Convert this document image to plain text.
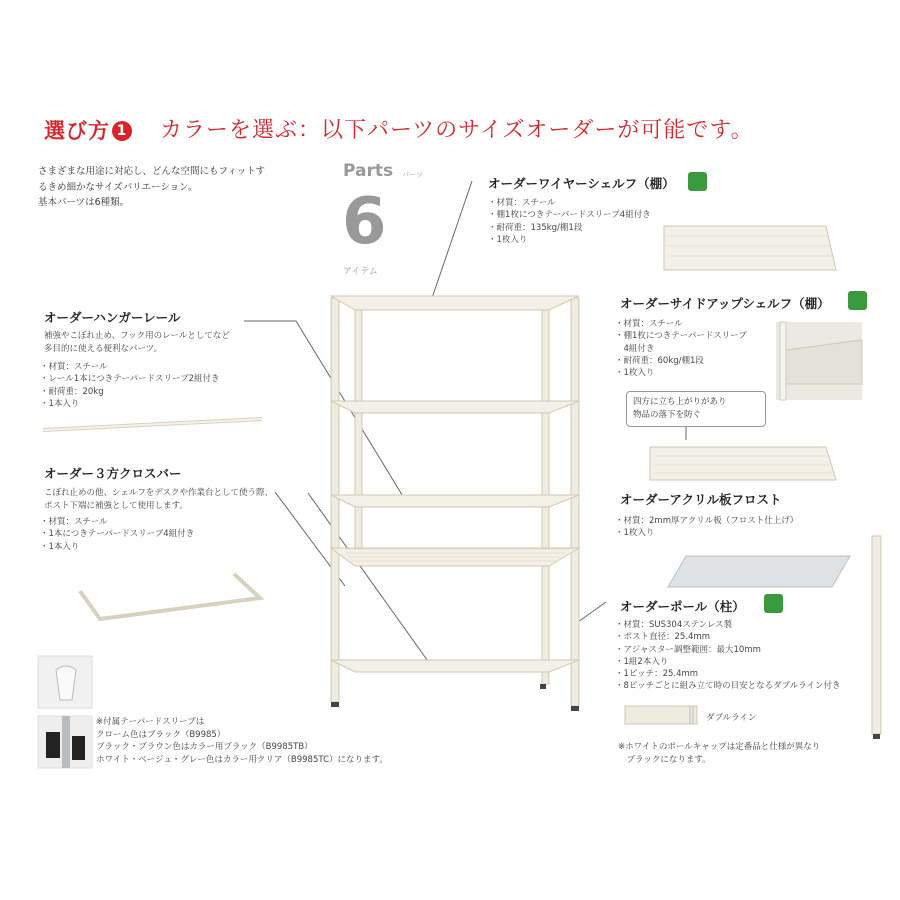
選び方 1 カラーを選ぶ：以下パーツのサイズオーダーが可能です。
さまざまな用途に対応し、どんな空間にもフィットす
るきめ細かなサイズバリエーション。
基本パーツは6種類。
Parts パーツ
6
アイテム
オーダーワイヤーシェルフ（棚）
・材質：スチール
・棚1枚につきテーパードスリーブ4組付き
・耐荷重：135kg/棚1段
・1枚入り
オーダーサイドアップシェルフ（棚）
・材質：スチール
・棚1枚につきテーパードスリーブ
　4組付き
・耐荷重：60kg/棚1段
・1枚入り
四方に立ち上がりがあり
物品の落下を防ぐ
オーダーアクリル板フロスト
・材質：2mm厚アクリル板（フロスト仕上げ）
・1枚入り
オーダーポール（柱）
・材質：SUS304ステンレス製
・ポスト直径：25.4mm
・アジャスター調整範囲：最大10mm
・1組2本入り
・1ピッチ：25.4mm
・8ピッチごとに組み立て時の目安となるダブルライン付き
ダブルライン
※ホワイトのポールキャップは定番品と仕様が異なり
　ブラックになります。
オーダーハンガーレール
補強やこぼれ止め、フック用のレールとしてなど
多目的に使える便利なパーツ。
・材質：スチール
・レール1本につきテーパードスリーブ2組付き
・耐荷重：20kg
・1本入り
オーダー３方クロスバー
こぼれ止めの他、シェルフをデスクや作業台として使う際、
ポスト下端に補強として使用します。
・材質：スチール
・1本につきテーパードスリーブ4組付き
・1本入り
※付属テーパードスリーブは
クローム色はブラック（B9985）
ブラック・ブラウン色はカラー用ブラック（B9985TB）
ホワイト・ベージュ・グレー色はカラー用クリア（B9985TC）になります。
